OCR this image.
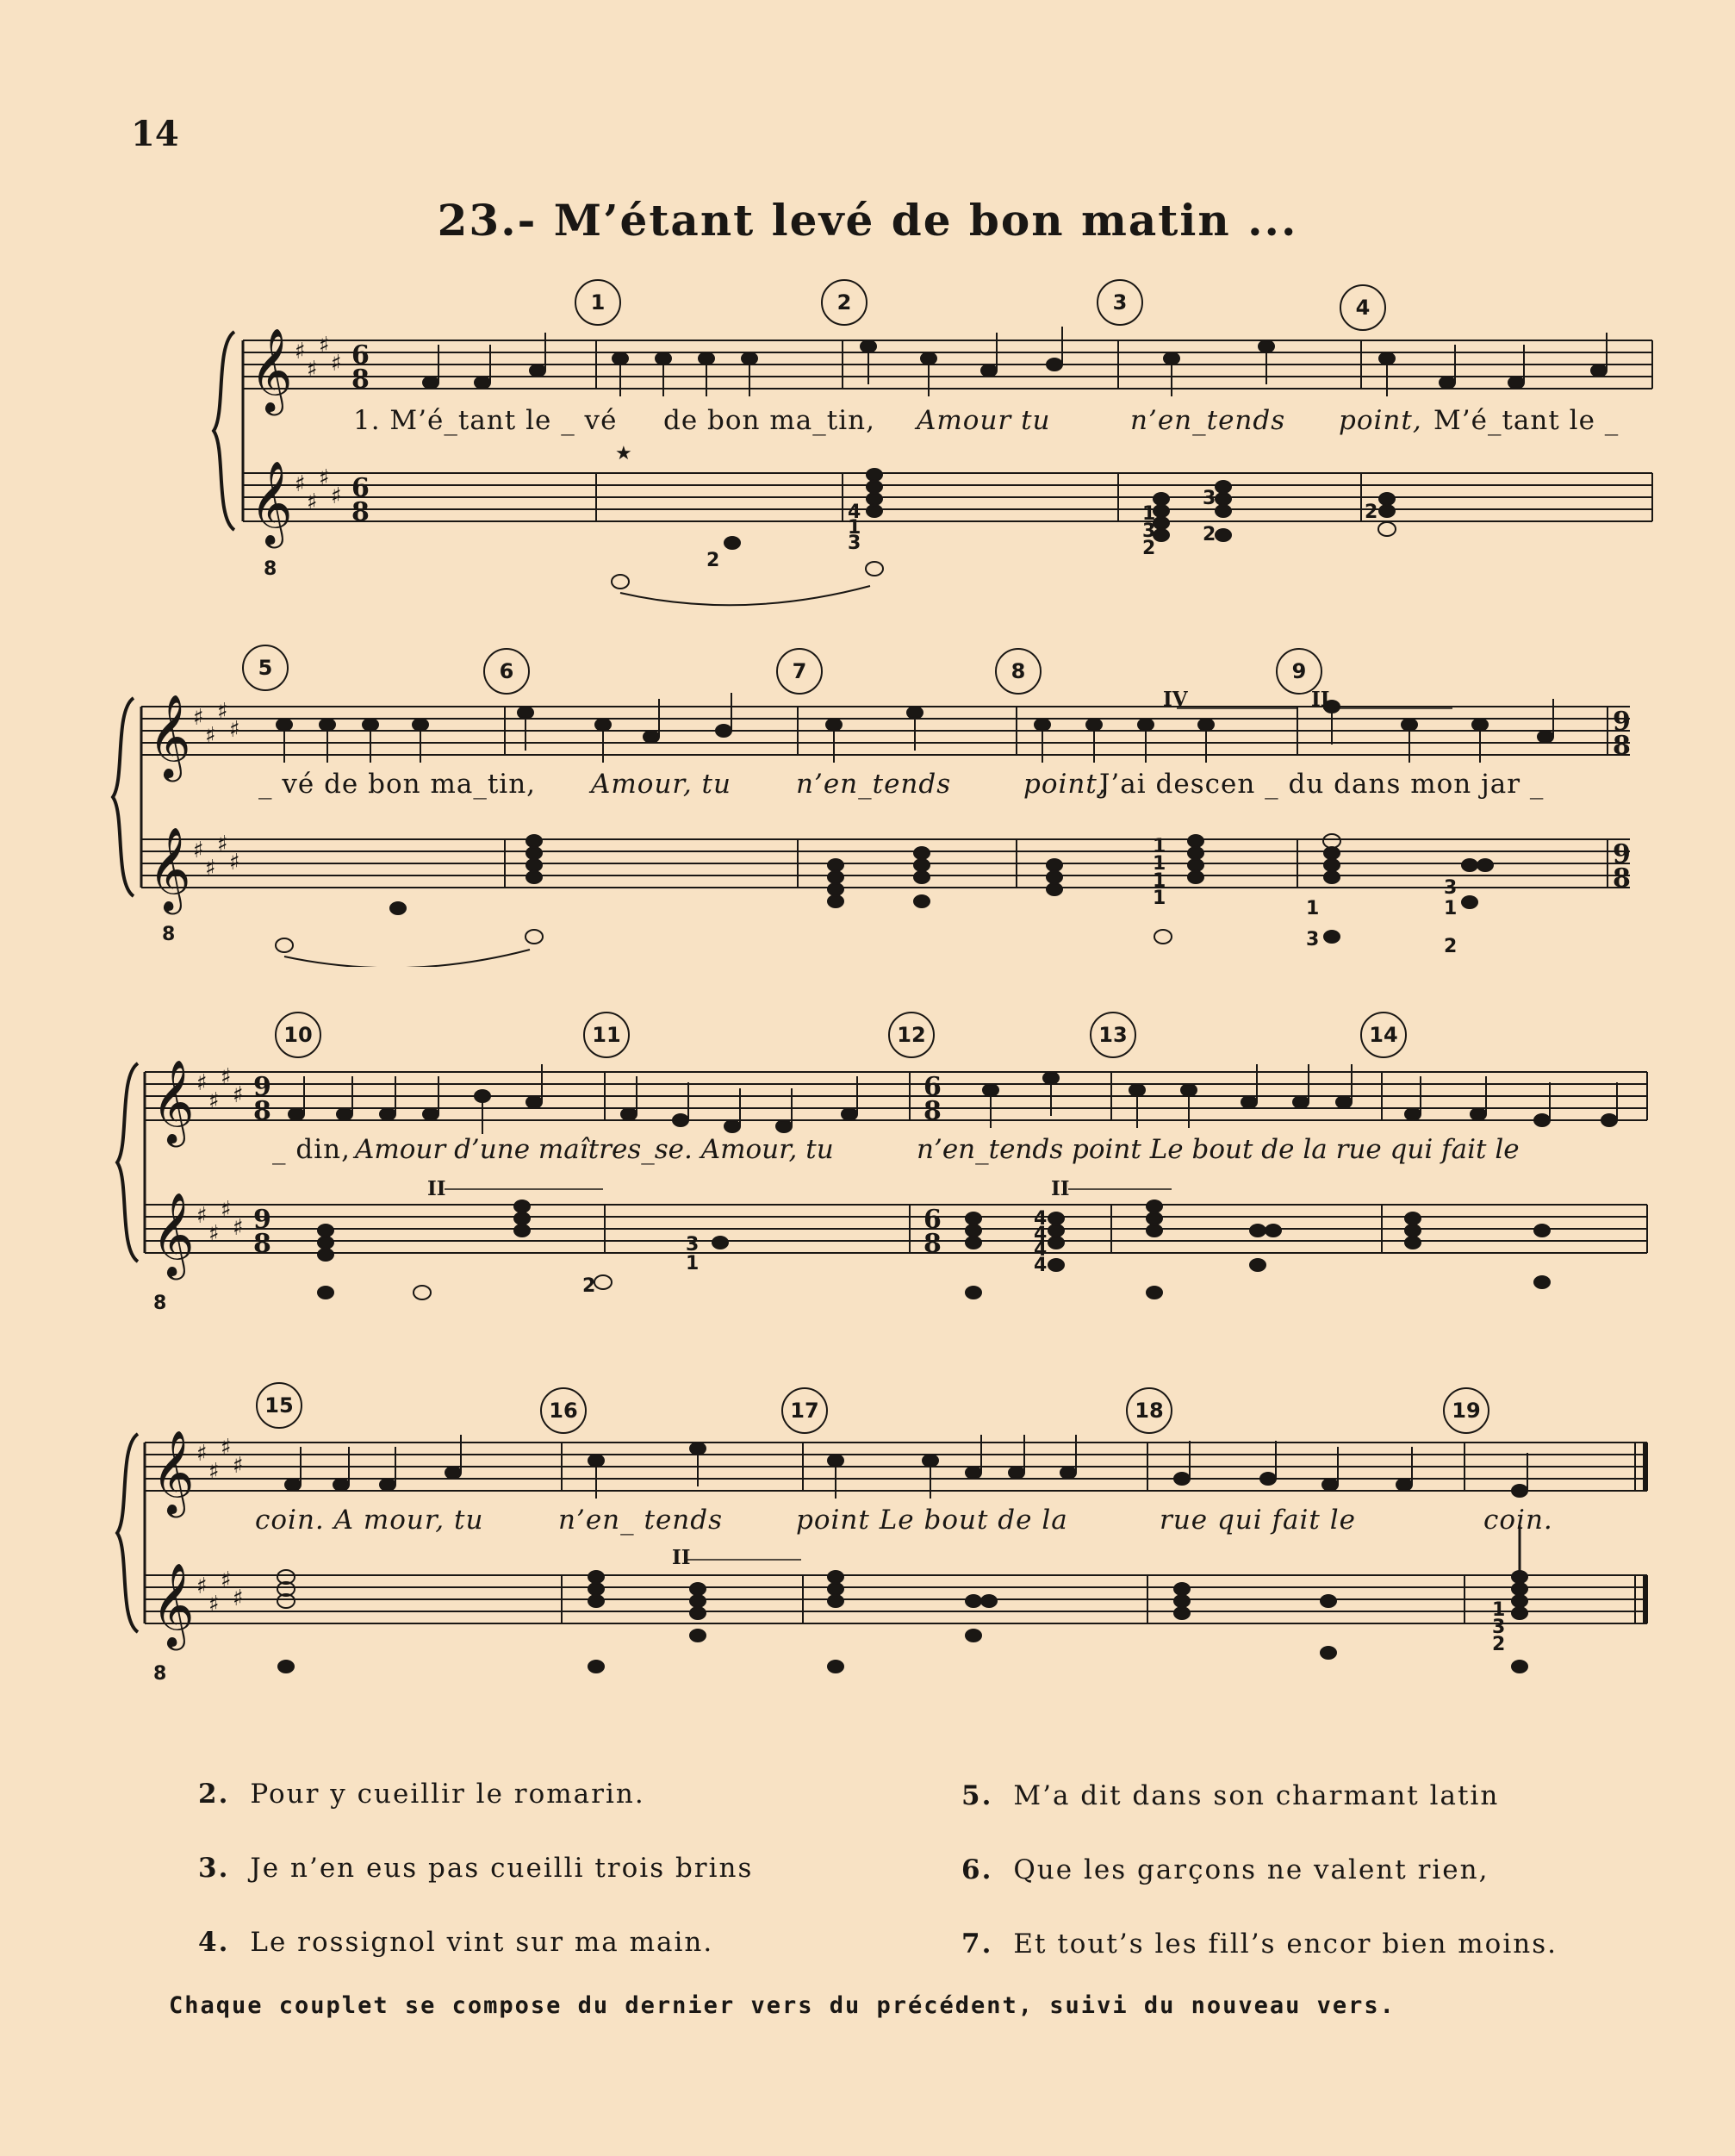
14
23.- M’étant levé de bon matin ...
𝄞
𝄞
♯
♯
♯
♯
♯
♯
♯
♯
6
8
6
8
8
★
1	2	3	4
1. M’é_tant le _ vé de bon ma_tin, Amour tu	n’en_tends point, M’é_tant le _
2
4
1
3
1
3
2
3
2
2
𝄞
𝄞
♯
♯
♯
♯
♯
♯
♯
♯
9
8
9
8
8
5	6	7	8	9
_ vé de bon ma_tin, Amour, tu n’en_tends	point,
J’ai descen _ du dans mon jar _
IV	II
1
1
1
1	1
3
3
1
2
𝄞
𝄞
♯
♯
♯
♯
♯
♯
♯
♯
9
8
9
8
6
8
6
8
8
10	11	12	13	14
_ din, Amour d’une maîtres_se. Amour, tu	n’en_tends point Le bout de la rue qui fait le
II	II
3
1
2
4
4
4
4
𝄞
𝄞
♯
♯
♯
♯
♯
♯
♯
♯
8
15	16	17	18	19
coin. A mour, tu	n’en_ tends	point Le bout de la	rue qui fait le	coin.
II
1
3
2
2. Pour y cueillir le romarin.
3. Je n’en eus pas cueilli trois brins
4. Le rossignol vint sur ma main.
5. M’a dit dans son charmant latin
6. Que les garçons ne valent rien,
7. Et tout’s les fill’s encor bien moins.
Chaque couplet se compose du dernier vers du précédent, suivi du nouveau vers.
